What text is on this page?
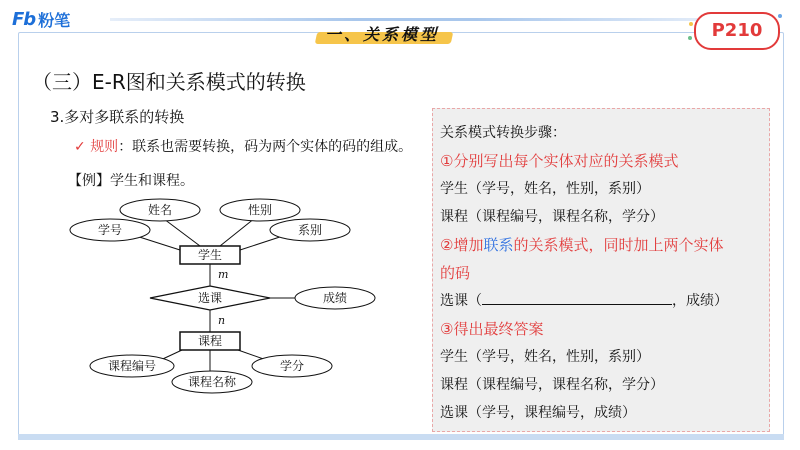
Fb 粉笔
一、关系模型	P210
（三）E-R图和关系模式的转换
3.多对多联系的转换
✓ 规则：联系也需要转换，码为两个实体的码的组成。
【例】学生和课程。
姓名	性别
学号	系别
学生
选课	成绩
课程
课程编号	学分
课程名称
m
n
关系模式转换步骤：
①分别写出每个实体对应的关系模式
学生（学号，姓名，性别，系别）
课程（课程编号，课程名称，学分）
②增加联系的关系模式，同时加上两个实体
的码
选课（	，成绩）
③得出最终答案
学生（学号，姓名，性别，系别）
课程（课程编号，课程名称，学分）
选课（学号，课程编号，成绩）
